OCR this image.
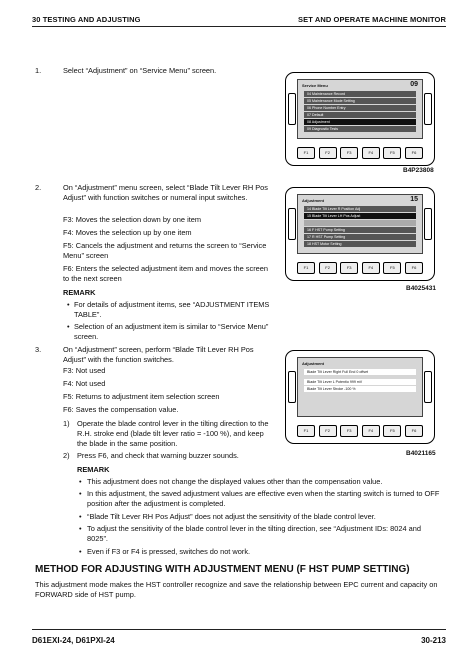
30 TESTING AND ADJUSTING	SET AND OPERATE MACHINE MONITOR
1.	Select “Adjustment” on “Service Menu” screen.
Service Menu	09
04 Maintenance Record
05 Maintenance Mode Setting
06 Phone Number Entry
07 Default
08 Adjustment
09 Diagnostic Tests
F1	F2	F3	F4	F5	F6
B4P23808
2.	On “Adjustment” menu screen, select “Blade Tilt Lever RH Pos Adjust” with function switches or numeral input switches.
F3: Moves the selection down by one item
F4: Moves the selection up by one item
F5: Cancels the adjustment and returns the screen to “Service Menu” screen
F6: Enters the selected adjustment item and moves the screen to the next screen
REMARK
• For details of adjustment items, see “ADJUSTMENT ITEMS TABLE”.
• Selection of an adjustment item is similar to “Service Menu” screen.
Adjustment	15
14 Blade Tilt Lever R Position Adj
15 Blade Tilt Lever LH Pos Adjust
16 F HST Pump Setting
17 R HST Pump Setting
18 HST Motor Setting
F1	F2	F3	F4	F5	F6
B4025431
3.	On “Adjustment” screen, perform “Blade Tilt Lever RH Pos Adjust” with the function switches.
F3: Not used
F4: Not used
F5: Returns to adjustment item selection screen
F6: Saves the compensation value.
1) Operate the blade control lever in the tilting direction to the R.H. stroke end (blade tilt lever ratio = -100 %), and keep the blade in the same position.
2) Press F6, and check that warning buzzer sounds.
REMARK
• This adjustment does not change the displayed values other than the compensation value.
• In this adjustment, the saved adjustment values are effective even when the starting switch is turned to OFF position after the adjustment is completed.
• “Blade Tilt Lever RH Pos Adjust” does not adjust the sensitivity of the blade control lever.
• To adjust the sensitivity of the blade control lever in the tilting direction, see “Adjustment IDs: 8024 and 8025”.
• Even if F3 or F4 is pressed, switches do not work.
Adjustment
Blade Tilt Lever Right Full End 0 offset
Blade Tilt Lever L Potentio 999 mV
Blade Tilt Lever Stroke -100 %
F1	F2	F3	F4	F5	F6
B4021165
METHOD FOR ADJUSTING WITH ADJUSTMENT MENU (F HST PUMP SETTING)
This adjustment mode makes the HST controller recognize and save the relationship between EPC current and capacity on FORWARD side of HST pump.
D61EXI-24, D61PXI-24	30-213
